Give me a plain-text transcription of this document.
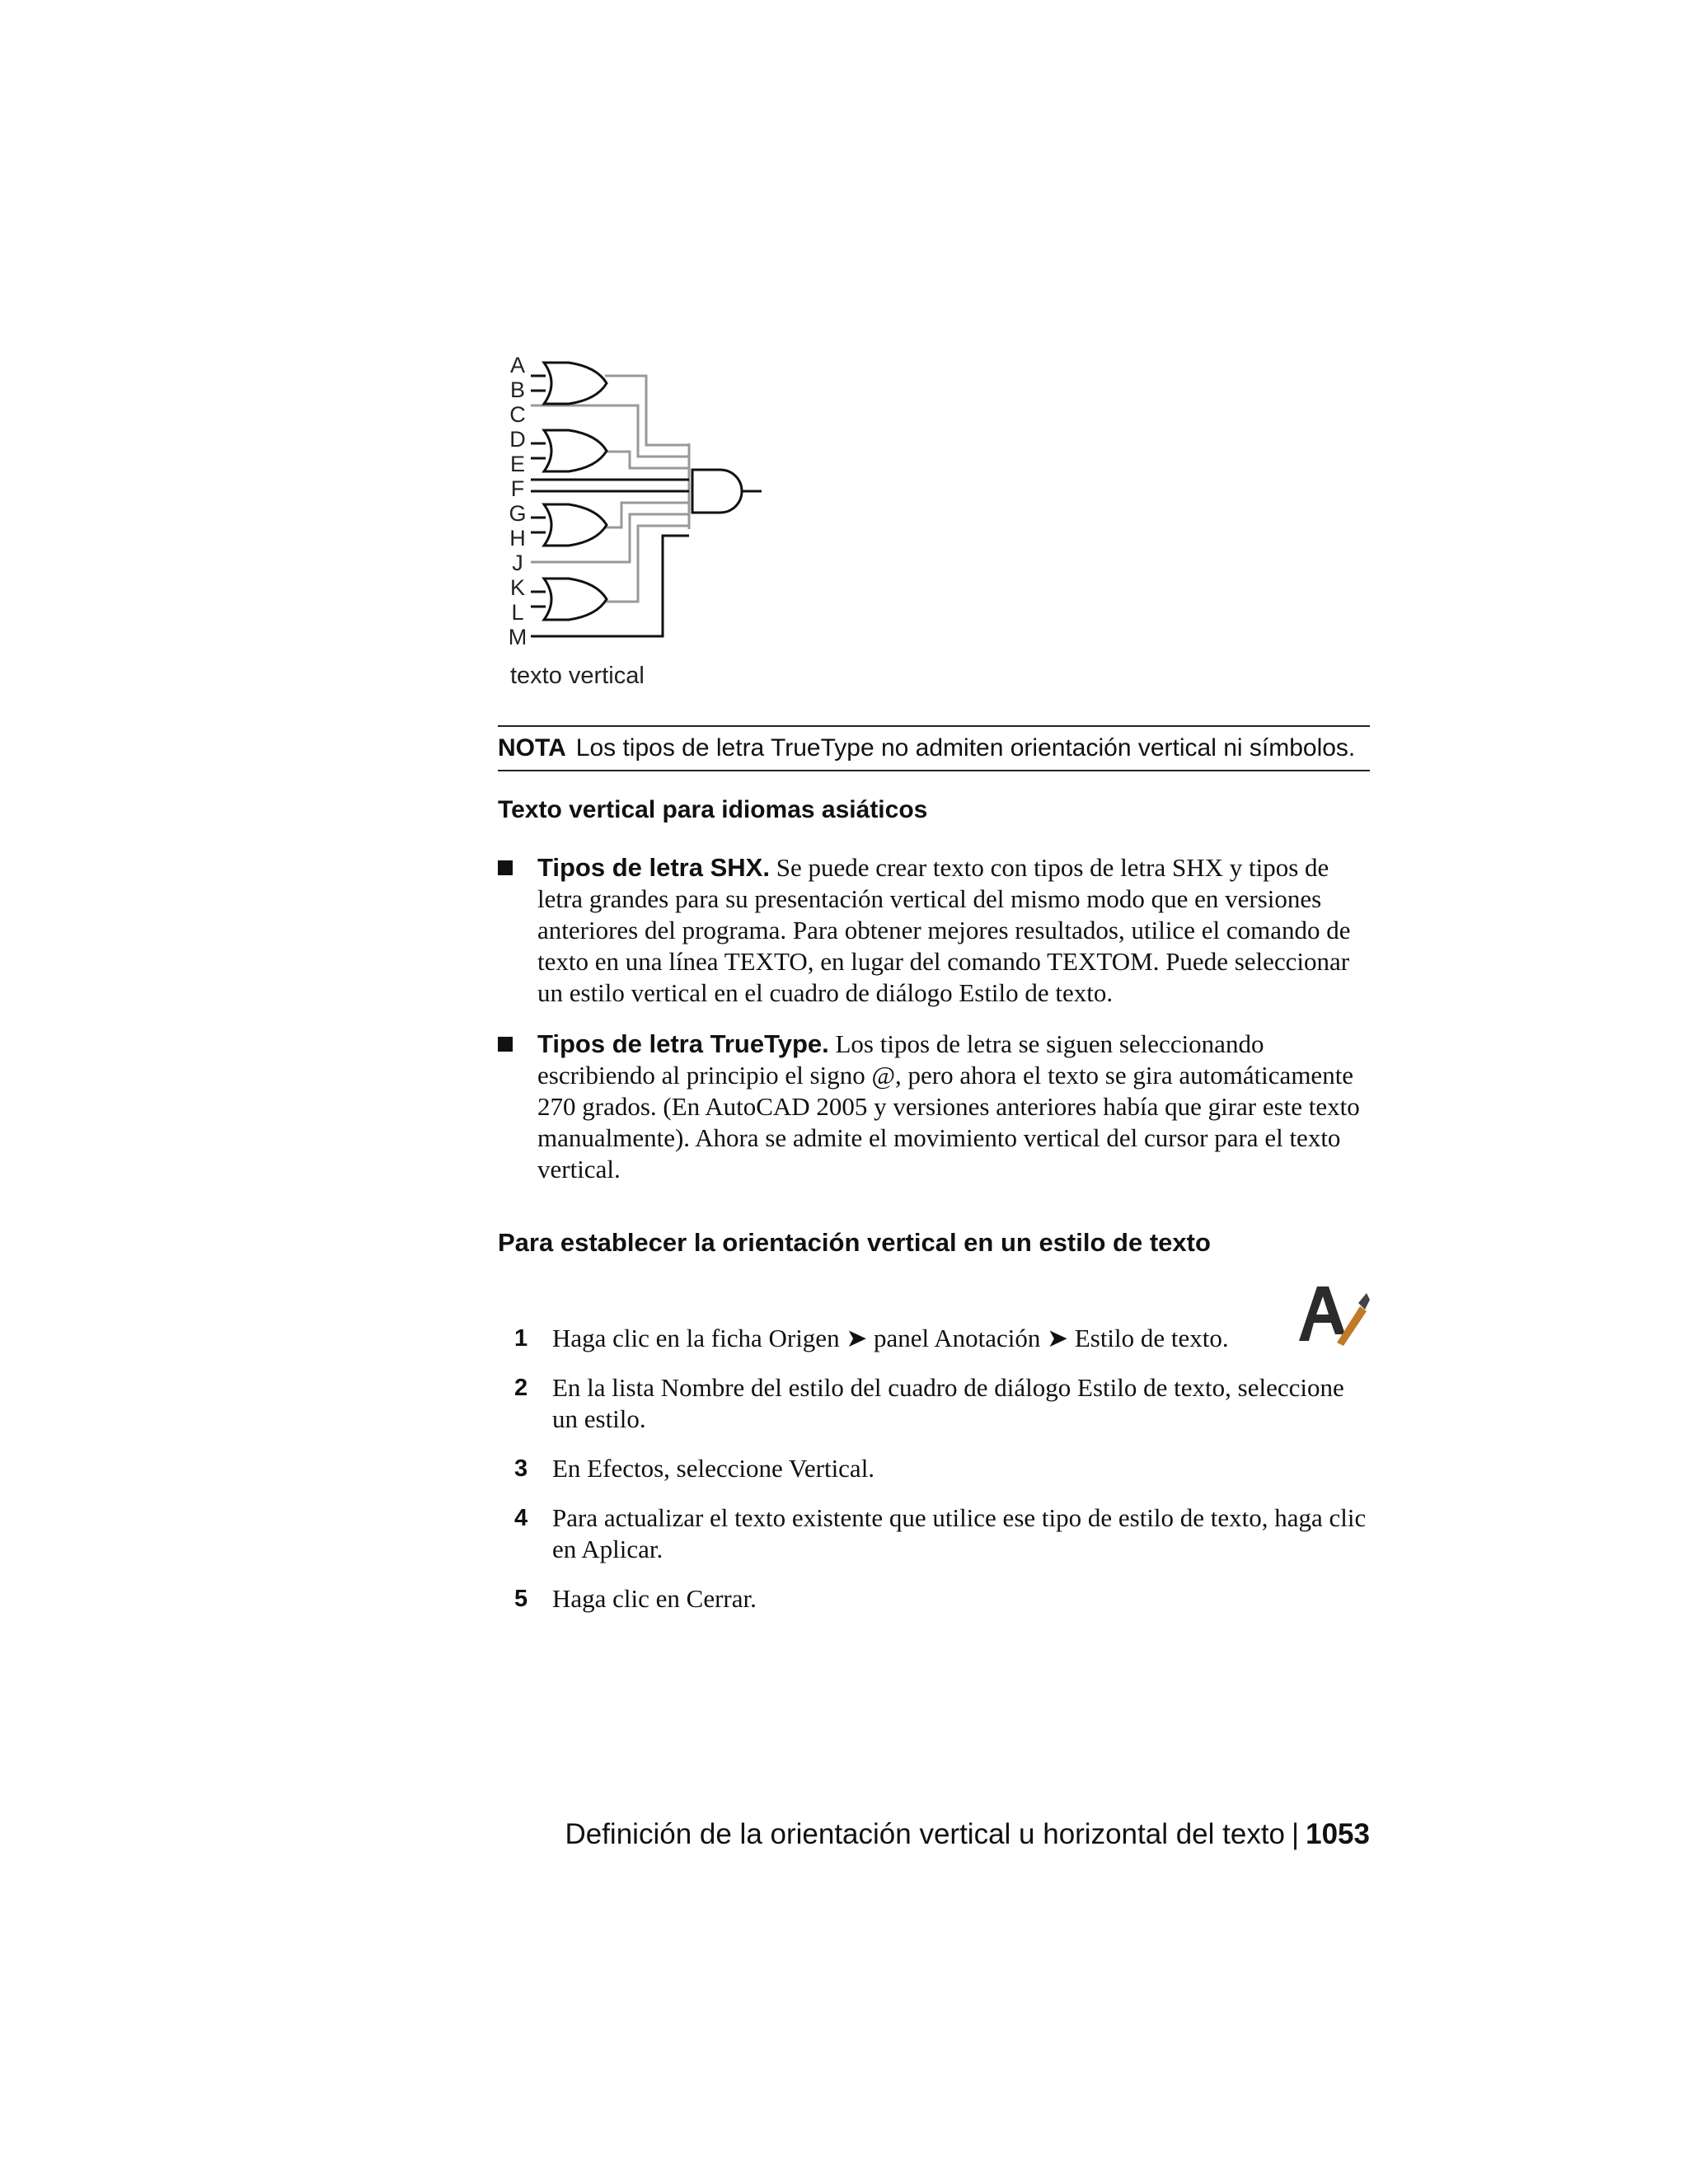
A
B
C
D
E
F
G
H
J
K
L
M
texto vertical
NOTA Los tipos de letra TrueType no admiten orientación vertical ni símbolos.
Texto vertical para idiomas asiáticos
Tipos de letra SHX. Se puede crear texto con tipos de letra SHX y tipos de letra grandes para su presentación vertical del mismo modo que en versiones anteriores del programa. Para obtener mejores resultados, utilice el comando de texto en una línea TEXTO, en lugar del comando TEXTOM. Puede seleccionar un estilo vertical en el cuadro de diálogo Estilo de texto.
Tipos de letra TrueType. Los tipos de letra se siguen seleccionando escribiendo al principio el signo @, pero ahora el texto se gira automáticamente 270 grados. (En AutoCAD 2005 y versiones anteriores había que girar este texto manualmente). Ahora se admite el movimiento vertical del cursor para el texto vertical.
Para establecer la orientación vertical en un estilo de texto
1 Haga clic en la ficha Origen ➤ panel Anotación ➤ Estilo de texto.
2 En la lista Nombre del estilo del cuadro de diálogo Estilo de texto, seleccione un estilo.
3 En Efectos, seleccione Vertical.
4 Para actualizar el texto existente que utilice ese tipo de estilo de texto, haga clic en Aplicar.
5 Haga clic en Cerrar.
Definición de la orientación vertical u horizontal del texto | 1053
